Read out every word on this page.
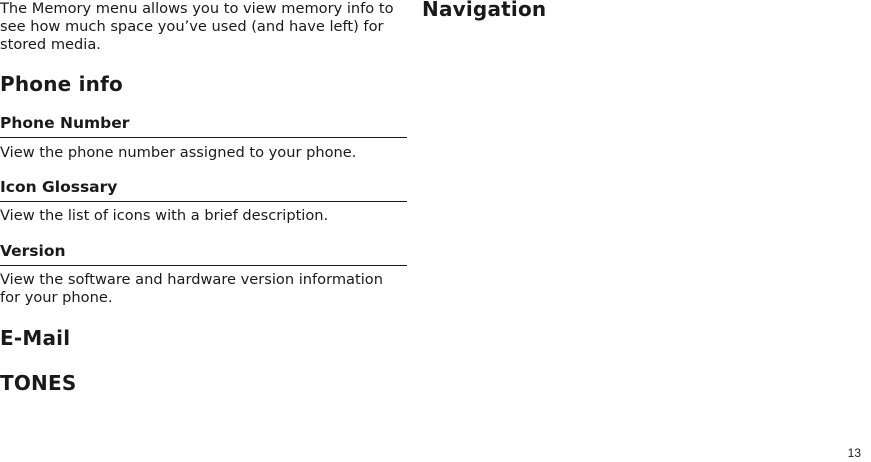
The Memory menu allows you to view memory info to

see how much space you’ve used (and have left) for

stored media.

Phone info
Phone Number

View the phone number assigned to your phone.

Icon Glossary

View the list of icons with a brief description.

Version

View the software and hardware version information

for your phone.

E-Mail
TONES
Navigation
13
